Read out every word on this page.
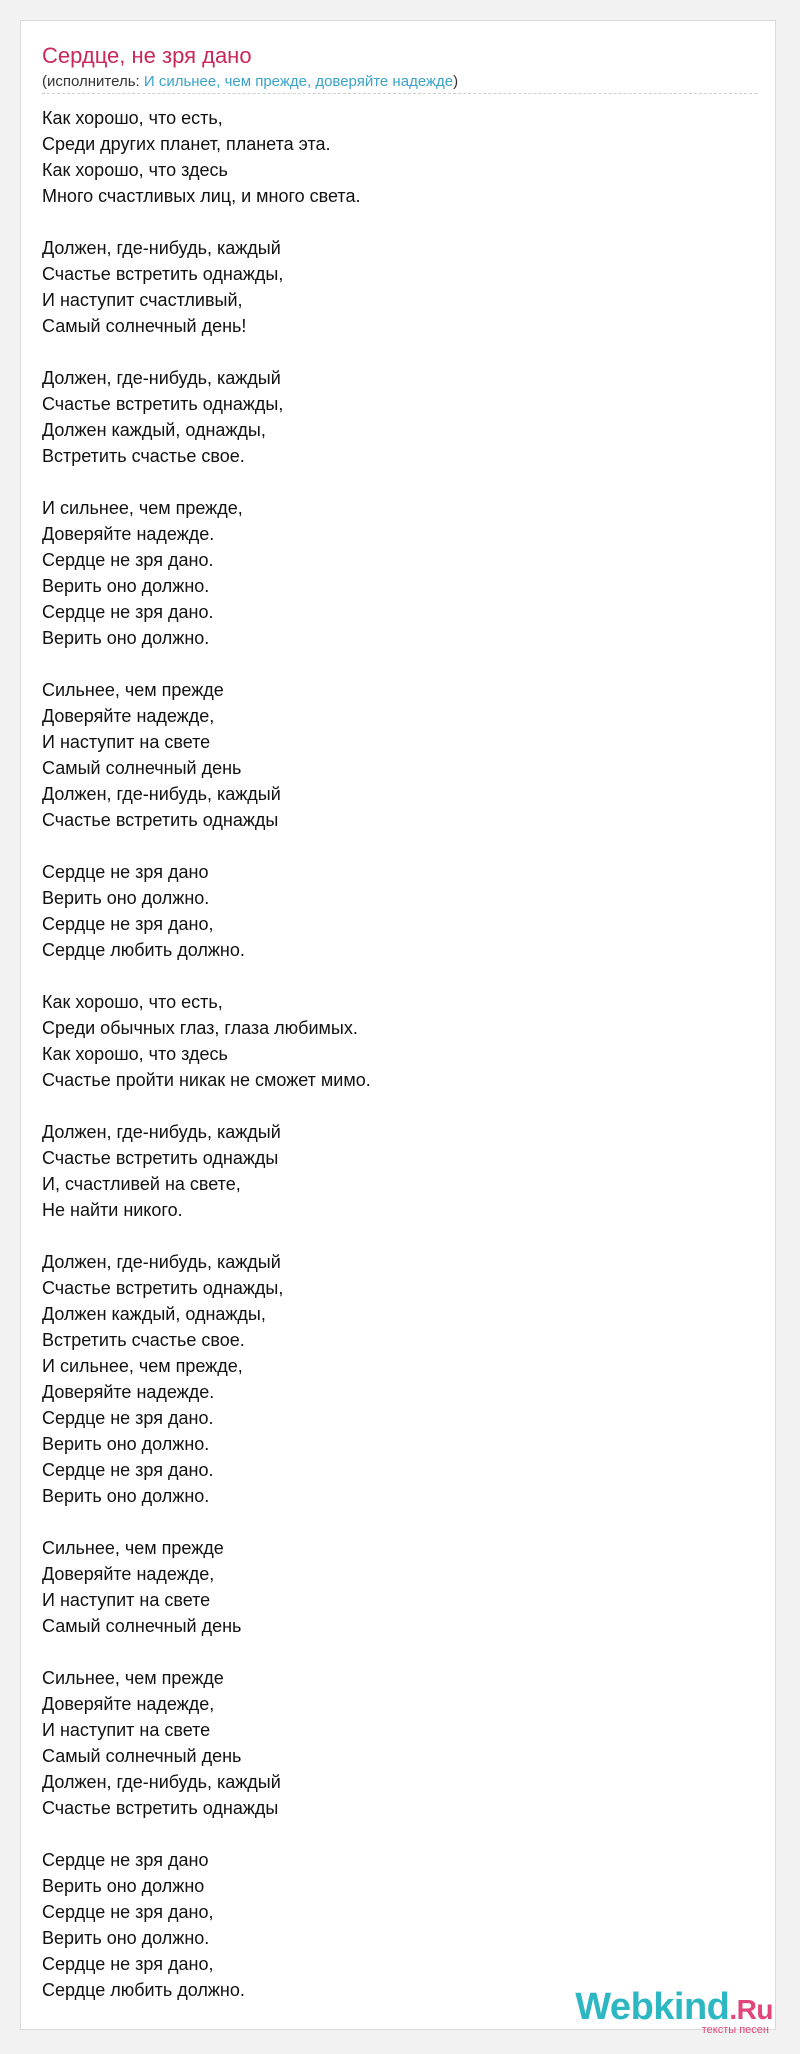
Сердце, не зря дано
(исполнитель: И сильнее, чем прежде, доверяйте надежде)
Как хорошо, что есть,
Среди других планет, планета эта.
Как хорошо, что здесь
Много счастливых лиц, и много света.
Должен, где-нибудь, каждый
Счастье встретить однажды,
И наступит счастливый,
Самый солнечный день!
Должен, где-нибудь, каждый
Счастье встретить однажды,
Должен каждый, однажды,
Встретить счастье свое.
И сильнее, чем прежде,
Доверяйте надежде.
Сердце не зря дано.
Верить оно должно.
Сердце не зря дано.
Верить оно должно.
Сильнее, чем прежде
Доверяйте надежде,
И наступит на свете
Самый солнечный день
Должен, где-нибудь, каждый
Счастье встретить однажды
Сердце не зря дано
Верить оно должно.
Сердце не зря дано,
Сердце любить должно.
Как хорошо, что есть,
Среди обычных глаз, глаза любимых.
Как хорошо, что здесь
Счастье пройти никак не сможет мимо.
Должен, где-нибудь, каждый
Счастье встретить однажды
И, счастливей на свете,
Не найти никого.
Должен, где-нибудь, каждый
Счастье встретить однажды,
Должен каждый, однажды,
Встретить счастье свое.
И сильнее, чем прежде,
Доверяйте надежде.
Сердце не зря дано.
Верить оно должно.
Сердце не зря дано.
Верить оно должно.
Сильнее, чем прежде
Доверяйте надежде,
И наступит на свете
Самый солнечный день
Сильнее, чем прежде
Доверяйте надежде,
И наступит на свете
Самый солнечный день
Должен, где-нибудь, каждый
Счастье встретить однажды
Сердце не зря дано
Верить оно должно
Сердце не зря дано,
Верить оно должно.
Сердце не зря дано,
Сердце любить должно.	Webkind.Ru
тексты песен
